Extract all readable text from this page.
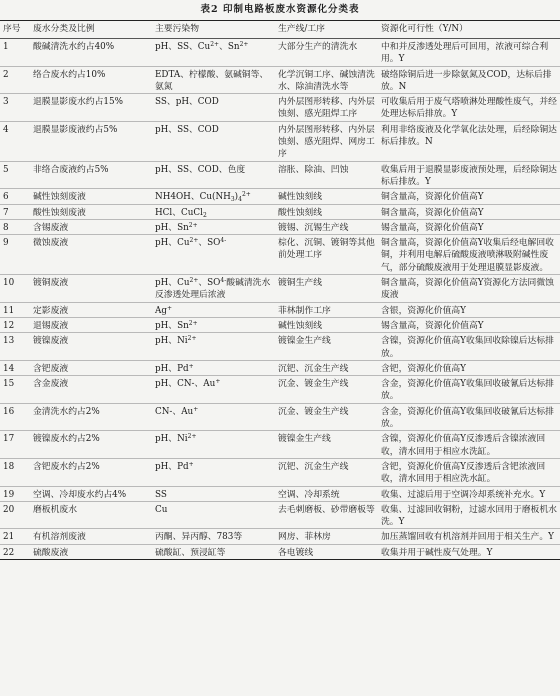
表2 印制电路板废水资源化分类表
序号	废水分类及比例	主要污染物	生产线/工序	资源化可行性（Y/N）
1	酸碱清洗水约占40%	pH、SS、$Cu^{2+}$、$Sn^{2+}$	大部分生产的清洗水	中和并反渗透处理后可回用，浓液可综合利用。Y
2	络合废水约占10%	EDTA、柠檬酸、氨碱铜等、氨氮	化学沉铜工序、碱蚀清洗水、除油清洗水等	破络除铜后进一步除氨氮及COD，达标后排放。N
3	退膜显影废水约占15%	SS、pH、COD	内外层图形转移、内外层蚀刻、感光阻焊工序	可收集后用于废气塔喷淋处理酸性废气，并经处理达标后排放。Y
4	退膜显影废液约占5%	pH、SS、COD	内外层图形转移、内外层蚀刻、感光阻焊、网房工序	利用非络废液及化学氧化法处理，后经除铜达标后排放。N
5	非络合废液约占5%	pH、SS、COD、色度	溶胀、除油、凹蚀	收集后用于退膜显影废液预处理，后经除铜达标后排放。Y
6	碱性蚀刻废液	NH4OH、$Cu(NH_3)_4^{2+}$	碱性蚀刻线	铜含量高，资源化价值高Y
7	酸性蚀刻废液	HCl、CuCl$_2$	酸性蚀刻线	铜含量高，资源化价值高Y
8	含锡废液	pH、$Sn^{2+}$	镀锡、沉锡生产线	锡含量高，资源化价值高Y
9	微蚀废液	pH、$Cu^{2+}$、$SO^{4-}$	棕化、沉铜、镀铜等其他前处理工序	铜含量高，资源化价值高Y收集后经电解回收铜，并利用电解后硫酸废液喷淋吸附碱性废气，部分硫酸废液用于处理退膜显影废液。
10	镀铜废液	pH、$Cu^{2+}$、$SO^{4-}$酸碱清洗水反渗透处理后浓液	镀铜生产线	铜含量高，资源化价值高Y资源化方法同微蚀废液
11	定影废液	Ag+	菲林制作工序	含银，资源化价值高Y
12	退锡废液	pH、$Sn^{2+}$	碱性蚀刻线	锡含量高，资源化价值高Y
13	镀镍废液	pH、$Ni^{2+}$	镀镍金生产线	含镍，资源化价值高Y收集回收除镍后达标排放。
14	含钯废液	pH、Pd+	沉钯、沉金生产线	含钯，资源化价值高Y
15	含金废液	pH、CN-、Au+	沉金、镀金生产线	含金，资源化价值高Y收集回收破氰后达标排放。
16	金清洗水约占2%	CN-、Au+	沉金、镀金生产线	含金，资源化价值高Y收集回收破氰后达标排放。
17	镀镍废水约占2%	pH、$Ni^{2+}$	镀镍金生产线	含镍，资源化价值高Y反渗透后含镍浓液回收，清水回用于相应水洗缸。
18	含钯废水约占2%	pH、Pd+	沉钯、沉金生产线	含钯，资源化价值高Y反渗透后含钯浓液回收，清水回用于相应洗水缸。
19	空调、冷却废水约占4%	SS	空调、冷却系统	收集、过滤后用于空调冷却系统补充水。Y
20	磨板机废水	Cu	去毛刺磨板、砂带磨板等	收集、过滤回收铜粉，过滤水回用于磨板机水洗。Y
21	有机溶剂废液	丙酮、异丙醇、783等	网房、菲林房	加压蒸馏回收有机溶剂并回用于相关生产。Y
22	硫酸废液	硫酸缸、预浸缸等	各电镀线	收集并用于碱性废气处理。Y
